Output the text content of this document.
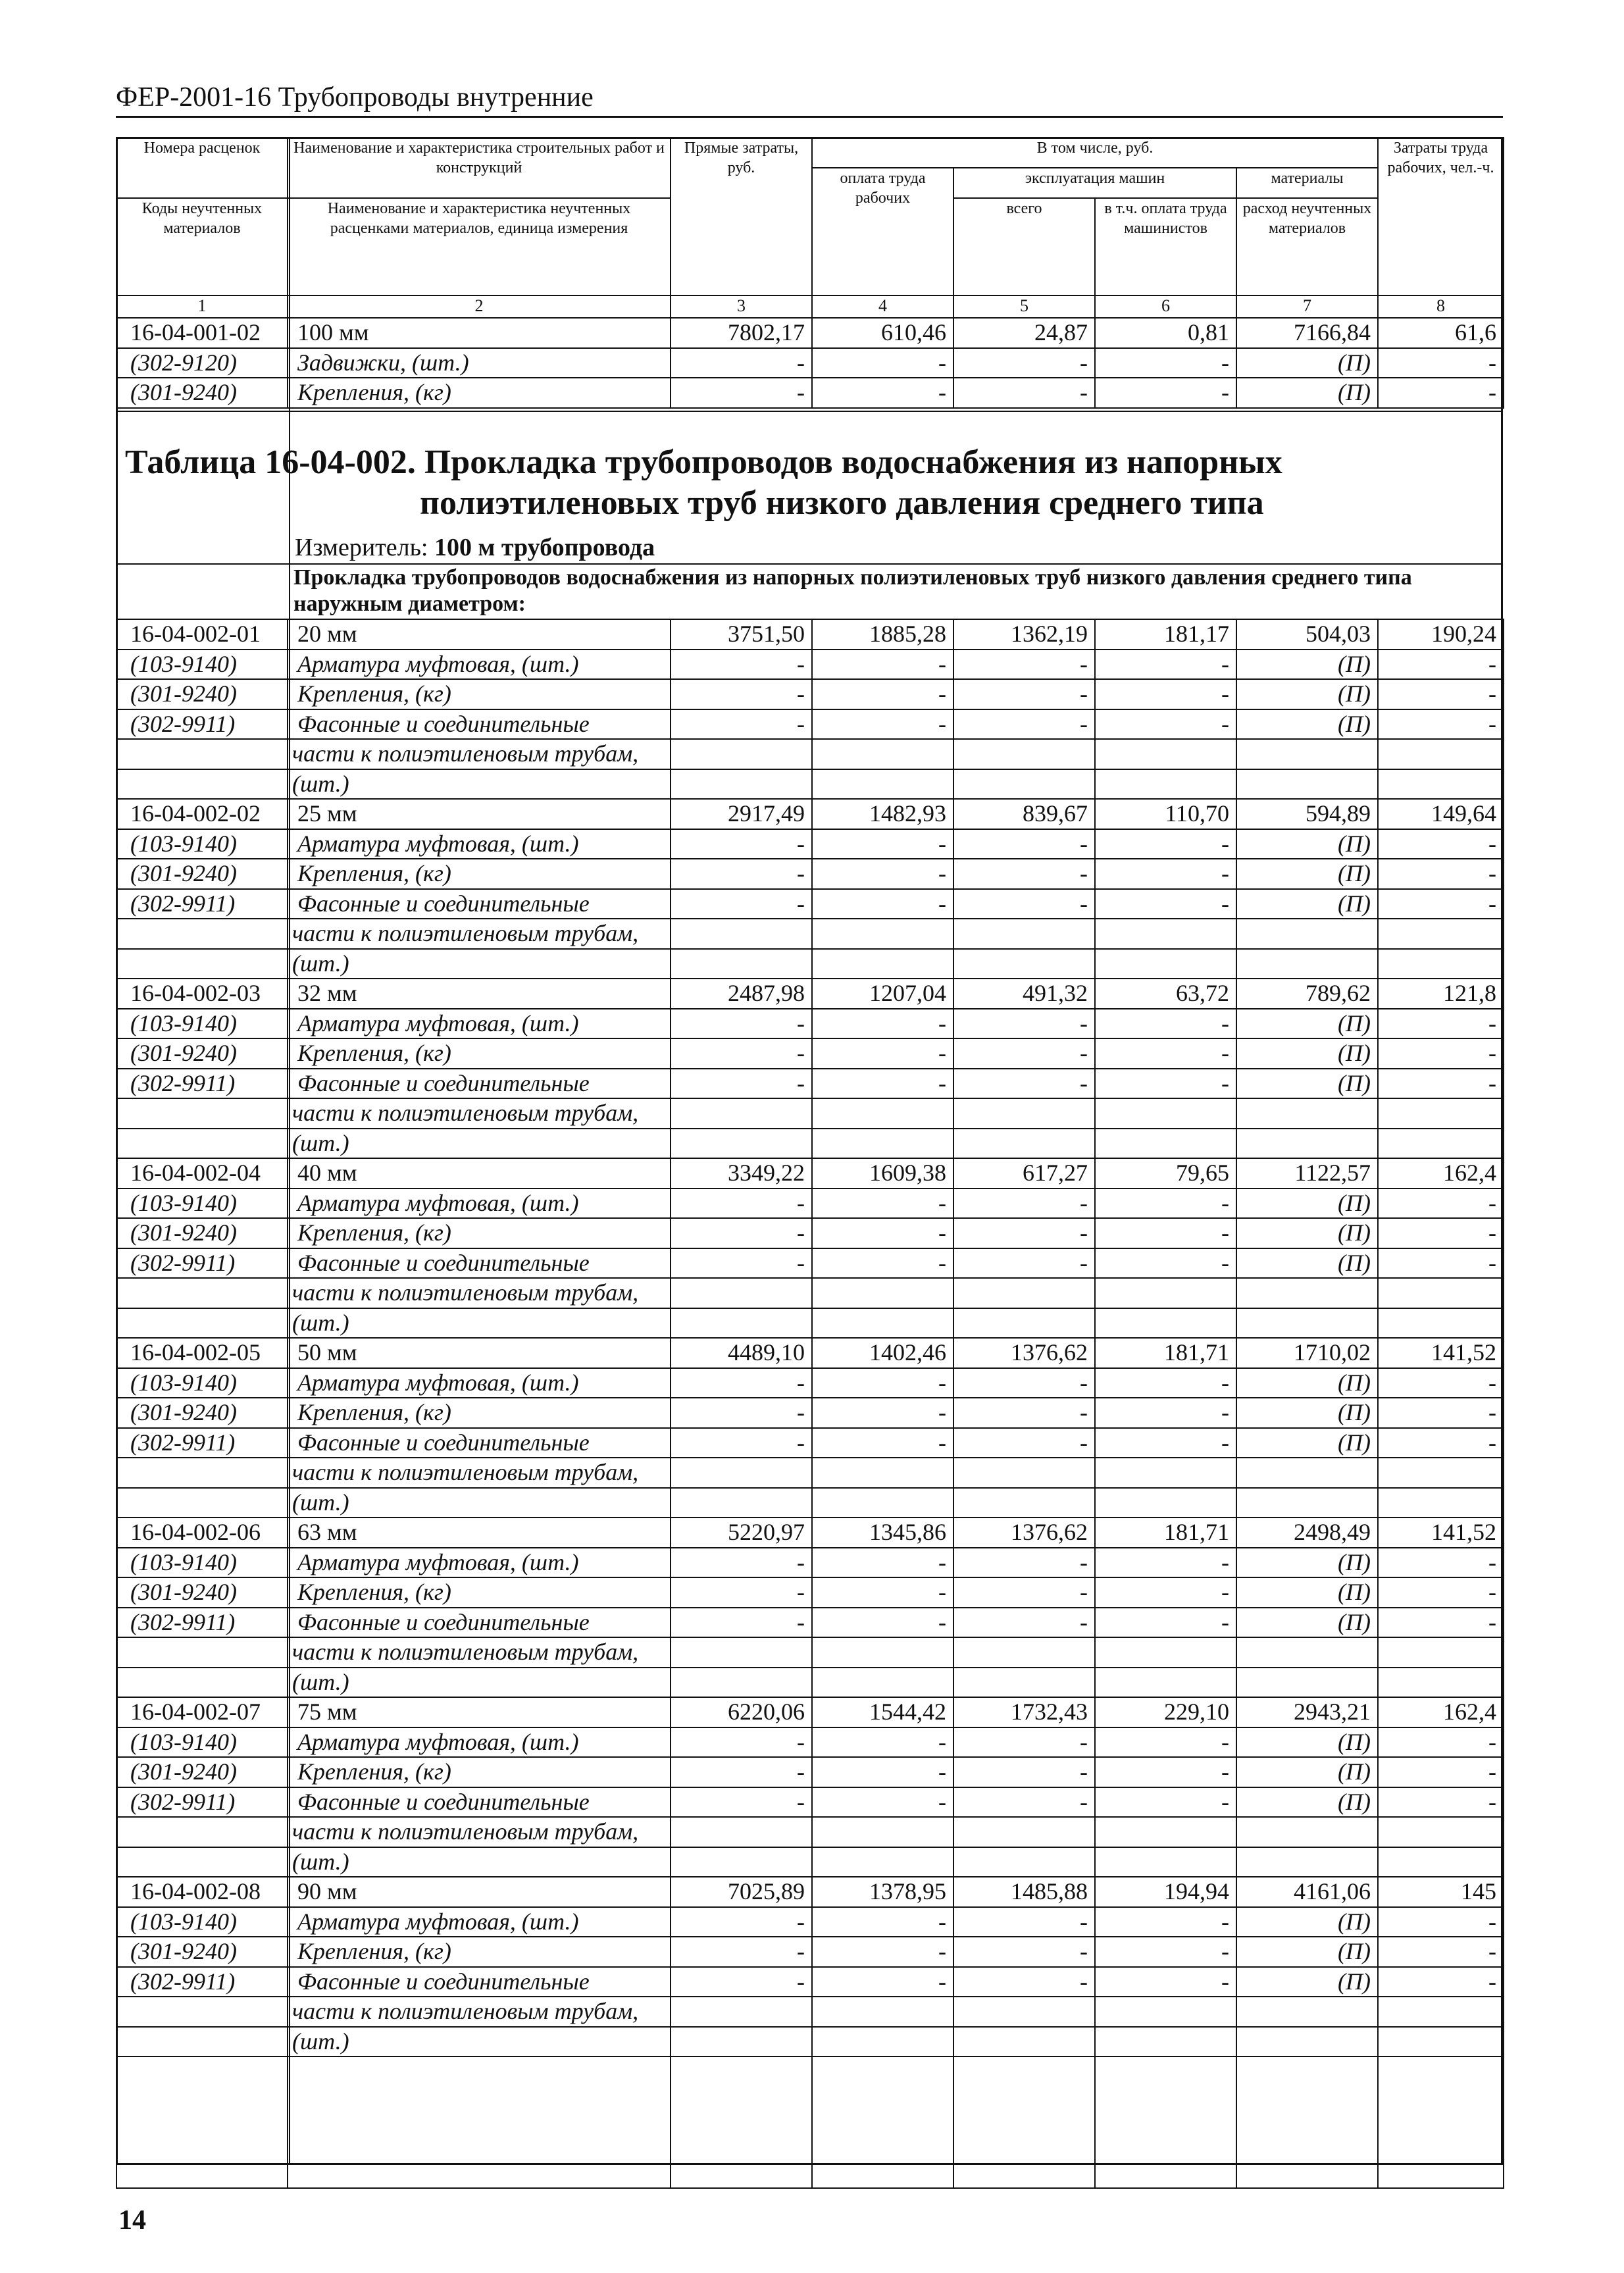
ФЕР-2001-16 Трубопроводы внутренние
Номера расценок	Наименование и характеристика строительных работ и конструкций	Прямые затраты, руб.	В том числе, руб.				Затраты труда рабочих, чел.-ч.
			оплата труда рабочих	эксплуатация машин		материалы	
Коды неучтенных материалов	Наименование и характеристика неучтенных расценками материалов, единица измерения			всего	в т.ч. оплата труда машинистов	расход неучтенных материалов	

1	2	3	4	5	6	7	8
16-04-001-02	100 мм	7802,17	610,46	24,87	0,81	7166,84	61,6
(302-9120)	Задвижки, (шт.)	-	-	-	-	(П)	-
(301-9240)	Крепления, (кг)	-	-	-	-	(П)	-
Таблица 16-04-002. Прокладка трубопроводов водоснабжения из напорных
полиэтиленовых труб низкого давления среднего типа
Измеритель: 100 м трубопровода
Прокладка трубопроводов водоснабжения из напорных полиэтиленовых труб низкого давления среднего типа наружным диаметром:
16-04-002-01	20 мм	3751,50	1885,28	1362,19	181,17	504,03	190,24
(103-9140)	Арматура муфтовая, (шт.)	-	-	-	-	(П)	-
(301-9240)	Крепления, (кг)	-	-	-	-	(П)	-
(302-9911)	Фасонные и соединительные	-	-	-	-	(П)	-
	части к полиэтиленовым трубам,						
	(шт.)						
16-04-002-02	25 мм	2917,49	1482,93	839,67	110,70	594,89	149,64
(103-9140)	Арматура муфтовая, (шт.)	-	-	-	-	(П)	-
(301-9240)	Крепления, (кг)	-	-	-	-	(П)	-
(302-9911)	Фасонные и соединительные	-	-	-	-	(П)	-
	части к полиэтиленовым трубам,						
	(шт.)						
16-04-002-03	32 мм	2487,98	1207,04	491,32	63,72	789,62	121,8
(103-9140)	Арматура муфтовая, (шт.)	-	-	-	-	(П)	-
(301-9240)	Крепления, (кг)	-	-	-	-	(П)	-
(302-9911)	Фасонные и соединительные	-	-	-	-	(П)	-
	части к полиэтиленовым трубам,						
	(шт.)						
16-04-002-04	40 мм	3349,22	1609,38	617,27	79,65	1122,57	162,4
(103-9140)	Арматура муфтовая, (шт.)	-	-	-	-	(П)	-
(301-9240)	Крепления, (кг)	-	-	-	-	(П)	-
(302-9911)	Фасонные и соединительные	-	-	-	-	(П)	-
	части к полиэтиленовым трубам,						
	(шт.)						
16-04-002-05	50 мм	4489,10	1402,46	1376,62	181,71	1710,02	141,52
(103-9140)	Арматура муфтовая, (шт.)	-	-	-	-	(П)	-
(301-9240)	Крепления, (кг)	-	-	-	-	(П)	-
(302-9911)	Фасонные и соединительные	-	-	-	-	(П)	-
	части к полиэтиленовым трубам,						
	(шт.)						
16-04-002-06	63 мм	5220,97	1345,86	1376,62	181,71	2498,49	141,52
(103-9140)	Арматура муфтовая, (шт.)	-	-	-	-	(П)	-
(301-9240)	Крепления, (кг)	-	-	-	-	(П)	-
(302-9911)	Фасонные и соединительные	-	-	-	-	(П)	-
	части к полиэтиленовым трубам,						
	(шт.)						
16-04-002-07	75 мм	6220,06	1544,42	1732,43	229,10	2943,21	162,4
(103-9140)	Арматура муфтовая, (шт.)	-	-	-	-	(П)	-
(301-9240)	Крепления, (кг)	-	-	-	-	(П)	-
(302-9911)	Фасонные и соединительные	-	-	-	-	(П)	-
	части к полиэтиленовым трубам,						
	(шт.)						
16-04-002-08	90 мм	7025,89	1378,95	1485,88	194,94	4161,06	145
(103-9140)	Арматура муфтовая, (шт.)	-	-	-	-	(П)	-
(301-9240)	Крепления, (кг)	-	-	-	-	(П)	-
(302-9911)	Фасонные и соединительные	-	-	-	-	(П)	-
	части к полиэтиленовым трубам,						
	(шт.)						

14
